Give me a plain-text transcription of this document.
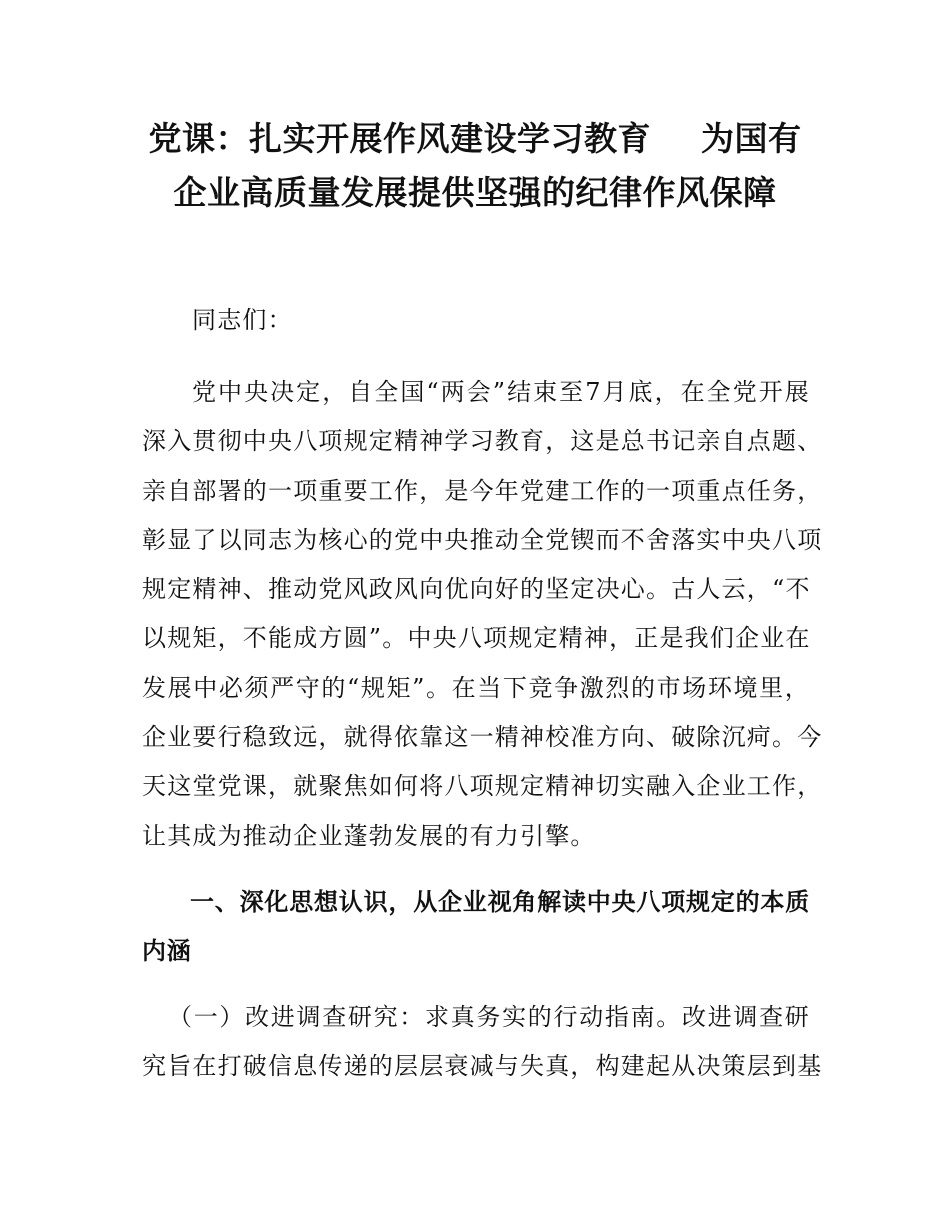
党课：扎实开展作风建设学习教育 为国有
企业高质量发展提供坚强的纪律作风保障

同志们：

党中央决定，自全国“两会”结束至7月底，在全党开展
深入贯彻中央八项规定精神学习教育，这是总书记亲自点题、
亲自部署的一项重要工作，是今年党建工作的一项重点任务，
彰显了以同志为核心的党中央推动全党锲而不舍落实中央八项
规定精神、推动党风政风向优向好的坚定决心。古人云，“不
以规矩，不能成方圆”。中央八项规定精神，正是我们企业在
发展中必须严守的“规矩”。在当下竞争激烈的市场环境里，
企业要行稳致远，就得依靠这一精神校准方向、破除沉疴。今
天这堂党课，就聚焦如何将八项规定精神切实融入企业工作，
让其成为推动企业蓬勃发展的有力引擎。

一、深化思想认识，从企业视角解读中央八项规定的本质
内涵

（一）改进调查研究：求真务实的行动指南。改进调查研
究旨在打破信息传递的层层衰减与失真，构建起从决策层到基
